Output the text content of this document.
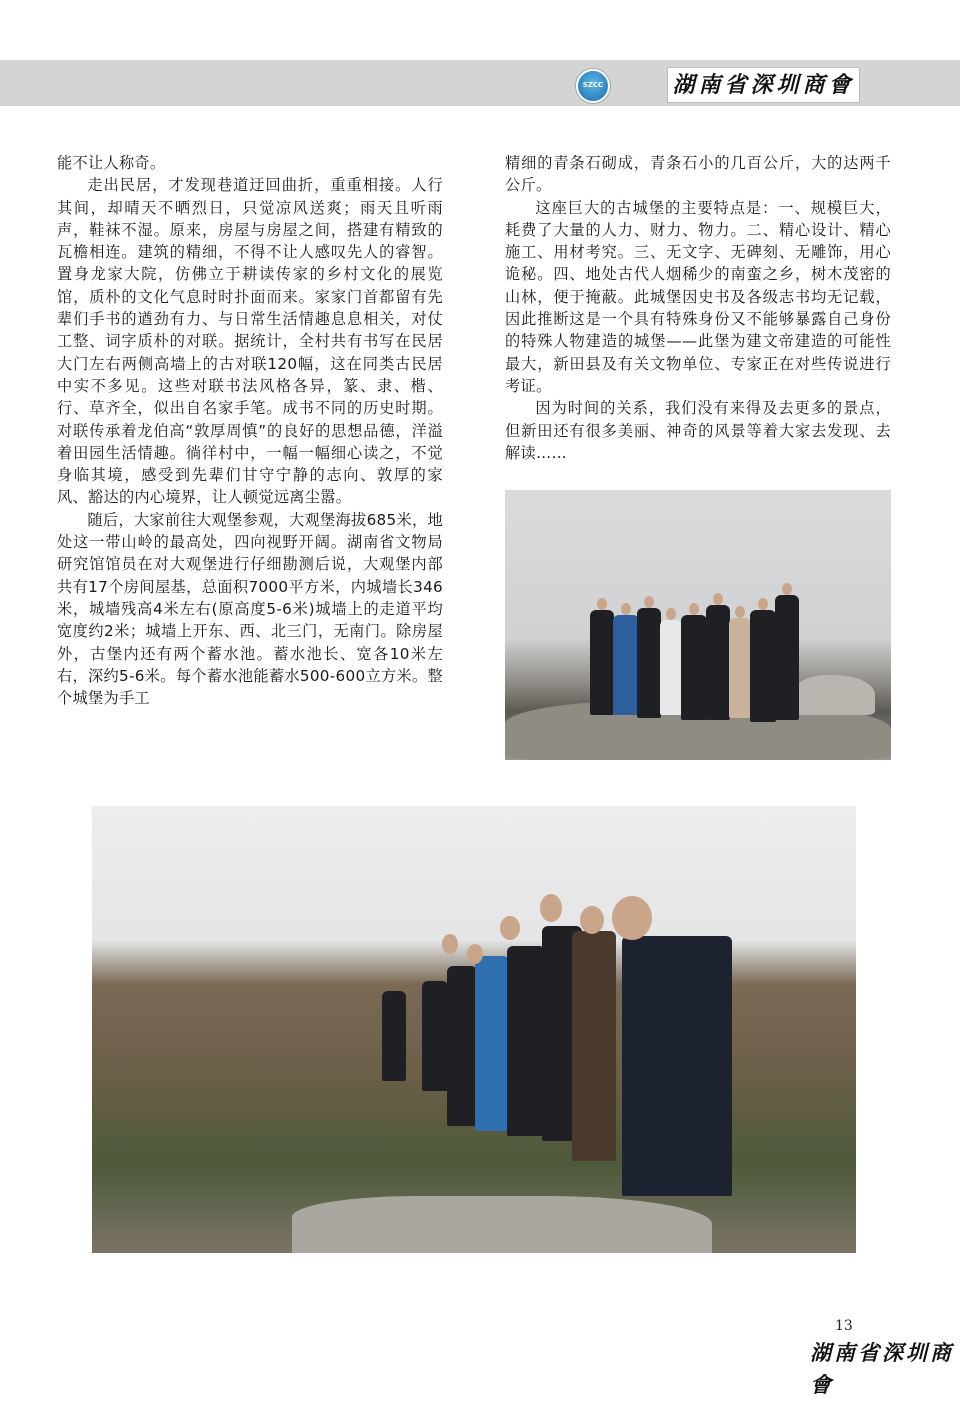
SZCC	湖南省深圳商會

能不让人称奇。

走出民居，才发现巷道迂回曲折，重重相接。人行其间，却晴天不晒烈日，只觉凉风送爽；雨天且听雨声，鞋袜不湿。原来，房屋与房屋之间，搭建有精致的瓦檐相连。建筑的精细，不得不让人感叹先人的睿智。置身龙家大院，仿佛立于耕读传家的乡村文化的展览馆，质朴的文化气息时时扑面而来。家家门首都留有先辈们手书的遒劲有力、与日常生活情趣息息相关，对仗工整、词字质朴的对联。据统计，全村共有书写在民居大门左右两侧高墙上的古对联120幅，这在同类古民居中实不多见。这些对联书法风格各异，篆、隶、楷、行、草齐全，似出自名家手笔。成书不同的历史时期。对联传承着龙伯高“敦厚周慎”的良好的思想品德，洋溢着田园生活情趣。徜徉村中，一幅一幅细心读之，不觉身临其境，感受到先辈们甘守宁静的志向、敦厚的家风、豁达的内心境界，让人顿觉远离尘嚣。

随后，大家前往大观堡参观，大观堡海拔685米，地处这一带山岭的最高处，四向视野开阔。湖南省文物局研究馆馆员在对大观堡进行仔细勘测后说，大观堡内部共有17个房间屋基，总面积7000平方米，内城墙长346米，城墙残高4米左右(原高度5-6米)城墙上的走道平均宽度约2米；城墙上开东、西、北三门，无南门。除房屋外，古堡内还有两个蓄水池。蓄水池长、宽各10米左右，深约5-6米。每个蓄水池能蓄水500-600立方米。整个城堡为手工

精细的青条石砌成，青条石小的几百公斤，大的达两千公斤。

这座巨大的古城堡的主要特点是：一、规模巨大，耗费了大量的人力、财力、物力。二、精心设计、精心施工、用材考究。三、无文字、无碑刻、无雕饰，用心诡秘。四、地处古代人烟稀少的南蛮之乡，树木茂密的山林，便于掩蔽。此城堡因史书及各级志书均无记载，因此推断这是一个具有特殊身份又不能够暴露自己身份的特殊人物建造的城堡——此堡为建文帝建造的可能性最大，新田县及有关文物单位、专家正在对些传说进行考证。

因为时间的关系，我们没有来得及去更多的景点，但新田还有很多美丽、神奇的风景等着大家去发现、去解读……

13
湖南省深圳商會
